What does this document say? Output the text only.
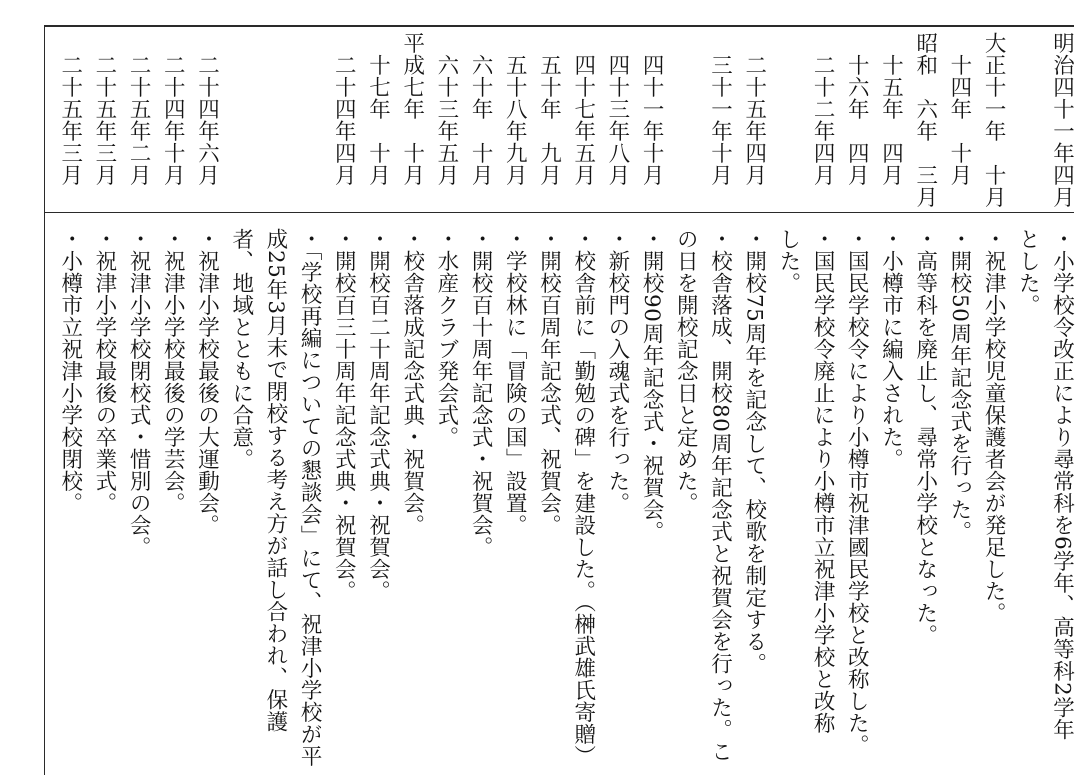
明治四十一年四月
大正十一年　十月
　十四年　十月
昭和　六年　三月
　十五年　四月
　十六年　四月
　二十二年四月
　二十五年四月
　三十一年十月
　四十一年十月
　四十三年八月
　四十七年五月
　五十年　九月
　五十八年九月
　六十年　十月
　六十三年五月
平成七年　十月
　十七年　十月
　二十四年四月
　二十四年六月
　二十四年十月
　二十五年二月
　二十五年三月
　二十五年三月
・小学校令改正により尋常科を6学年、高等科2学年
とした。
・祝津小学校児童保護者会が発足した。
・開校50周年記念式を行った。
・高等科を廃止し、尋常小学校となった。
・小樽市に編入された。
・国民学校令により小樽市祝津國民学校と改称した。
・国民学校令廃止により小樽市立祝津小学校と改称
した。
・開校75周年を記念して、校歌を制定する。
・校舎落成、開校80周年記念式と祝賀会を行った。こ
の日を開校記念日と定めた。
・開校90周年記念式・祝賀会。
・新校門の入魂式を行った。
・校舎前に「勤勉の碑」を建設した。（榊武雄氏寄贈）
・開校百周年記念式、祝賀会。
・学校林に「冒険の国」設置。
・開校百十周年記念式・祝賀会。
・水産クラブ発会式。
・校舎落成記念式典・祝賀会。
・開校百二十周年記念式典・祝賀会。
・開校百三十周年記念式典・祝賀会。
・「学校再編についての懇談会」にて、祝津小学校が平
成25年3月末で閉校する考え方が話し合われ、保護
者、地域とともに合意。
・祝津小学校最後の大運動会。
・祝津小学校最後の学芸会。
・祝津小学校閉校式・惜別の会。
・祝津小学校最後の卒業式。
・小樽市立祝津小学校閉校。
